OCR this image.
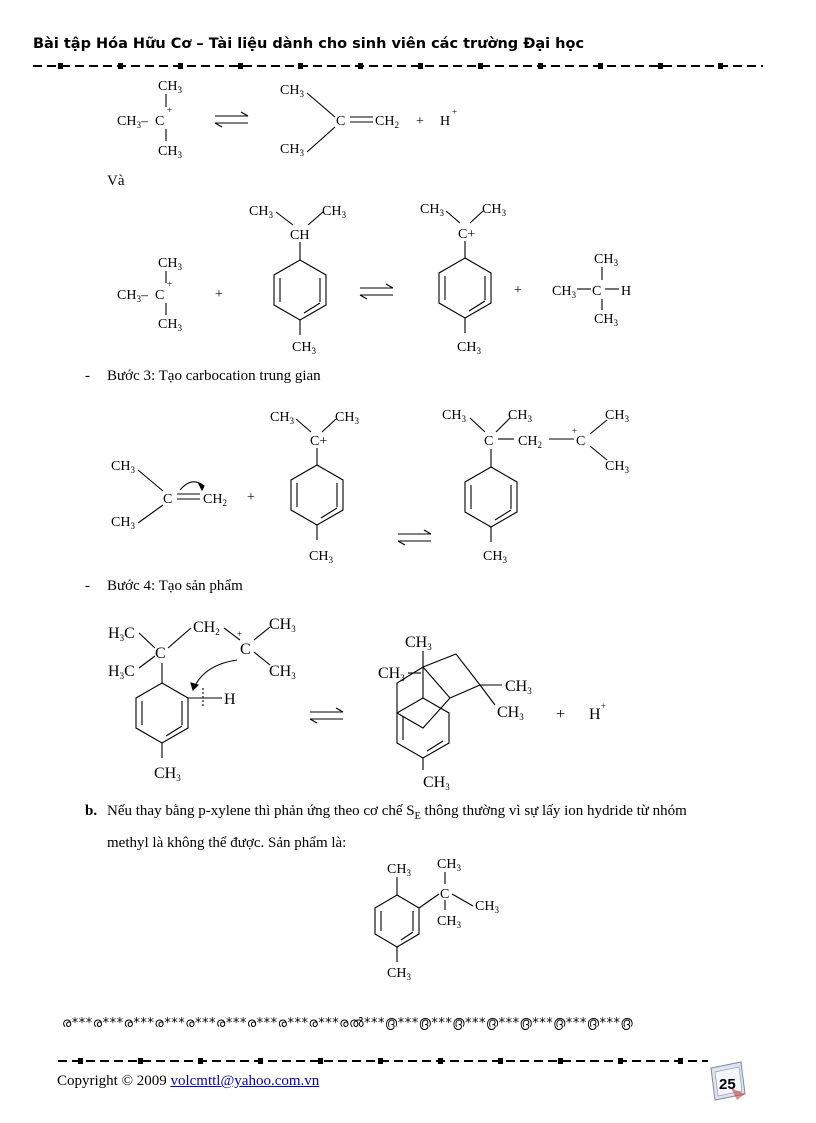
Bài tập Hóa Hữu Cơ – Tài liệu dành cho sinh viên các trường Đại học
$CH_3$
$CH_3$ – C
+
$CH_3$
$CH_3$
C $CH_2 + H$
+
$CH_3$
Và
$CH_3$
$CH_3$ – C
+
$CH_3$
+
$CH_3$	$CH_3$
CH
$CH_3$
$CH_3$	$CH_3$
C+
$CH_3$
+
$CH_3$
$CH_3$ C H
$CH_3$
- Bước 3: Tạo carbocation trung gian
$CH_3$	$CH_3$
C+
$CH_3$
$CH_3$
C $CH_2$
$CH_3$
+
$CH_3$	$CH_3$
C $CH_2$
+
C
$CH_3$
$CH_3$
$CH_3$
- Bước 4: Tạo sản phẩm
H3C
H3C
C
CH2 +
C
CH3
CH3
H
CH3
CH3
CH3	CH3
CH3
CH3
+ H +
b. Nếu thay bằng p-xylene thì phản ứng theo cơ chế $S_E$ thông thường vì sự lấy ion hydride từ nhóm
methyl là không thể được. Sản phẩm là:
$CH_3$
$CH_3$
C
$CH_3$
$CH_3$
$CH_3$
ര***ര***ര***ര***ര***ര***ര***ര***ര***രൽ***൫***൫***൫***൫***൫***൫***൫***൫
Copyright © 2009 volcmttl@yahoo.com.vn	25
